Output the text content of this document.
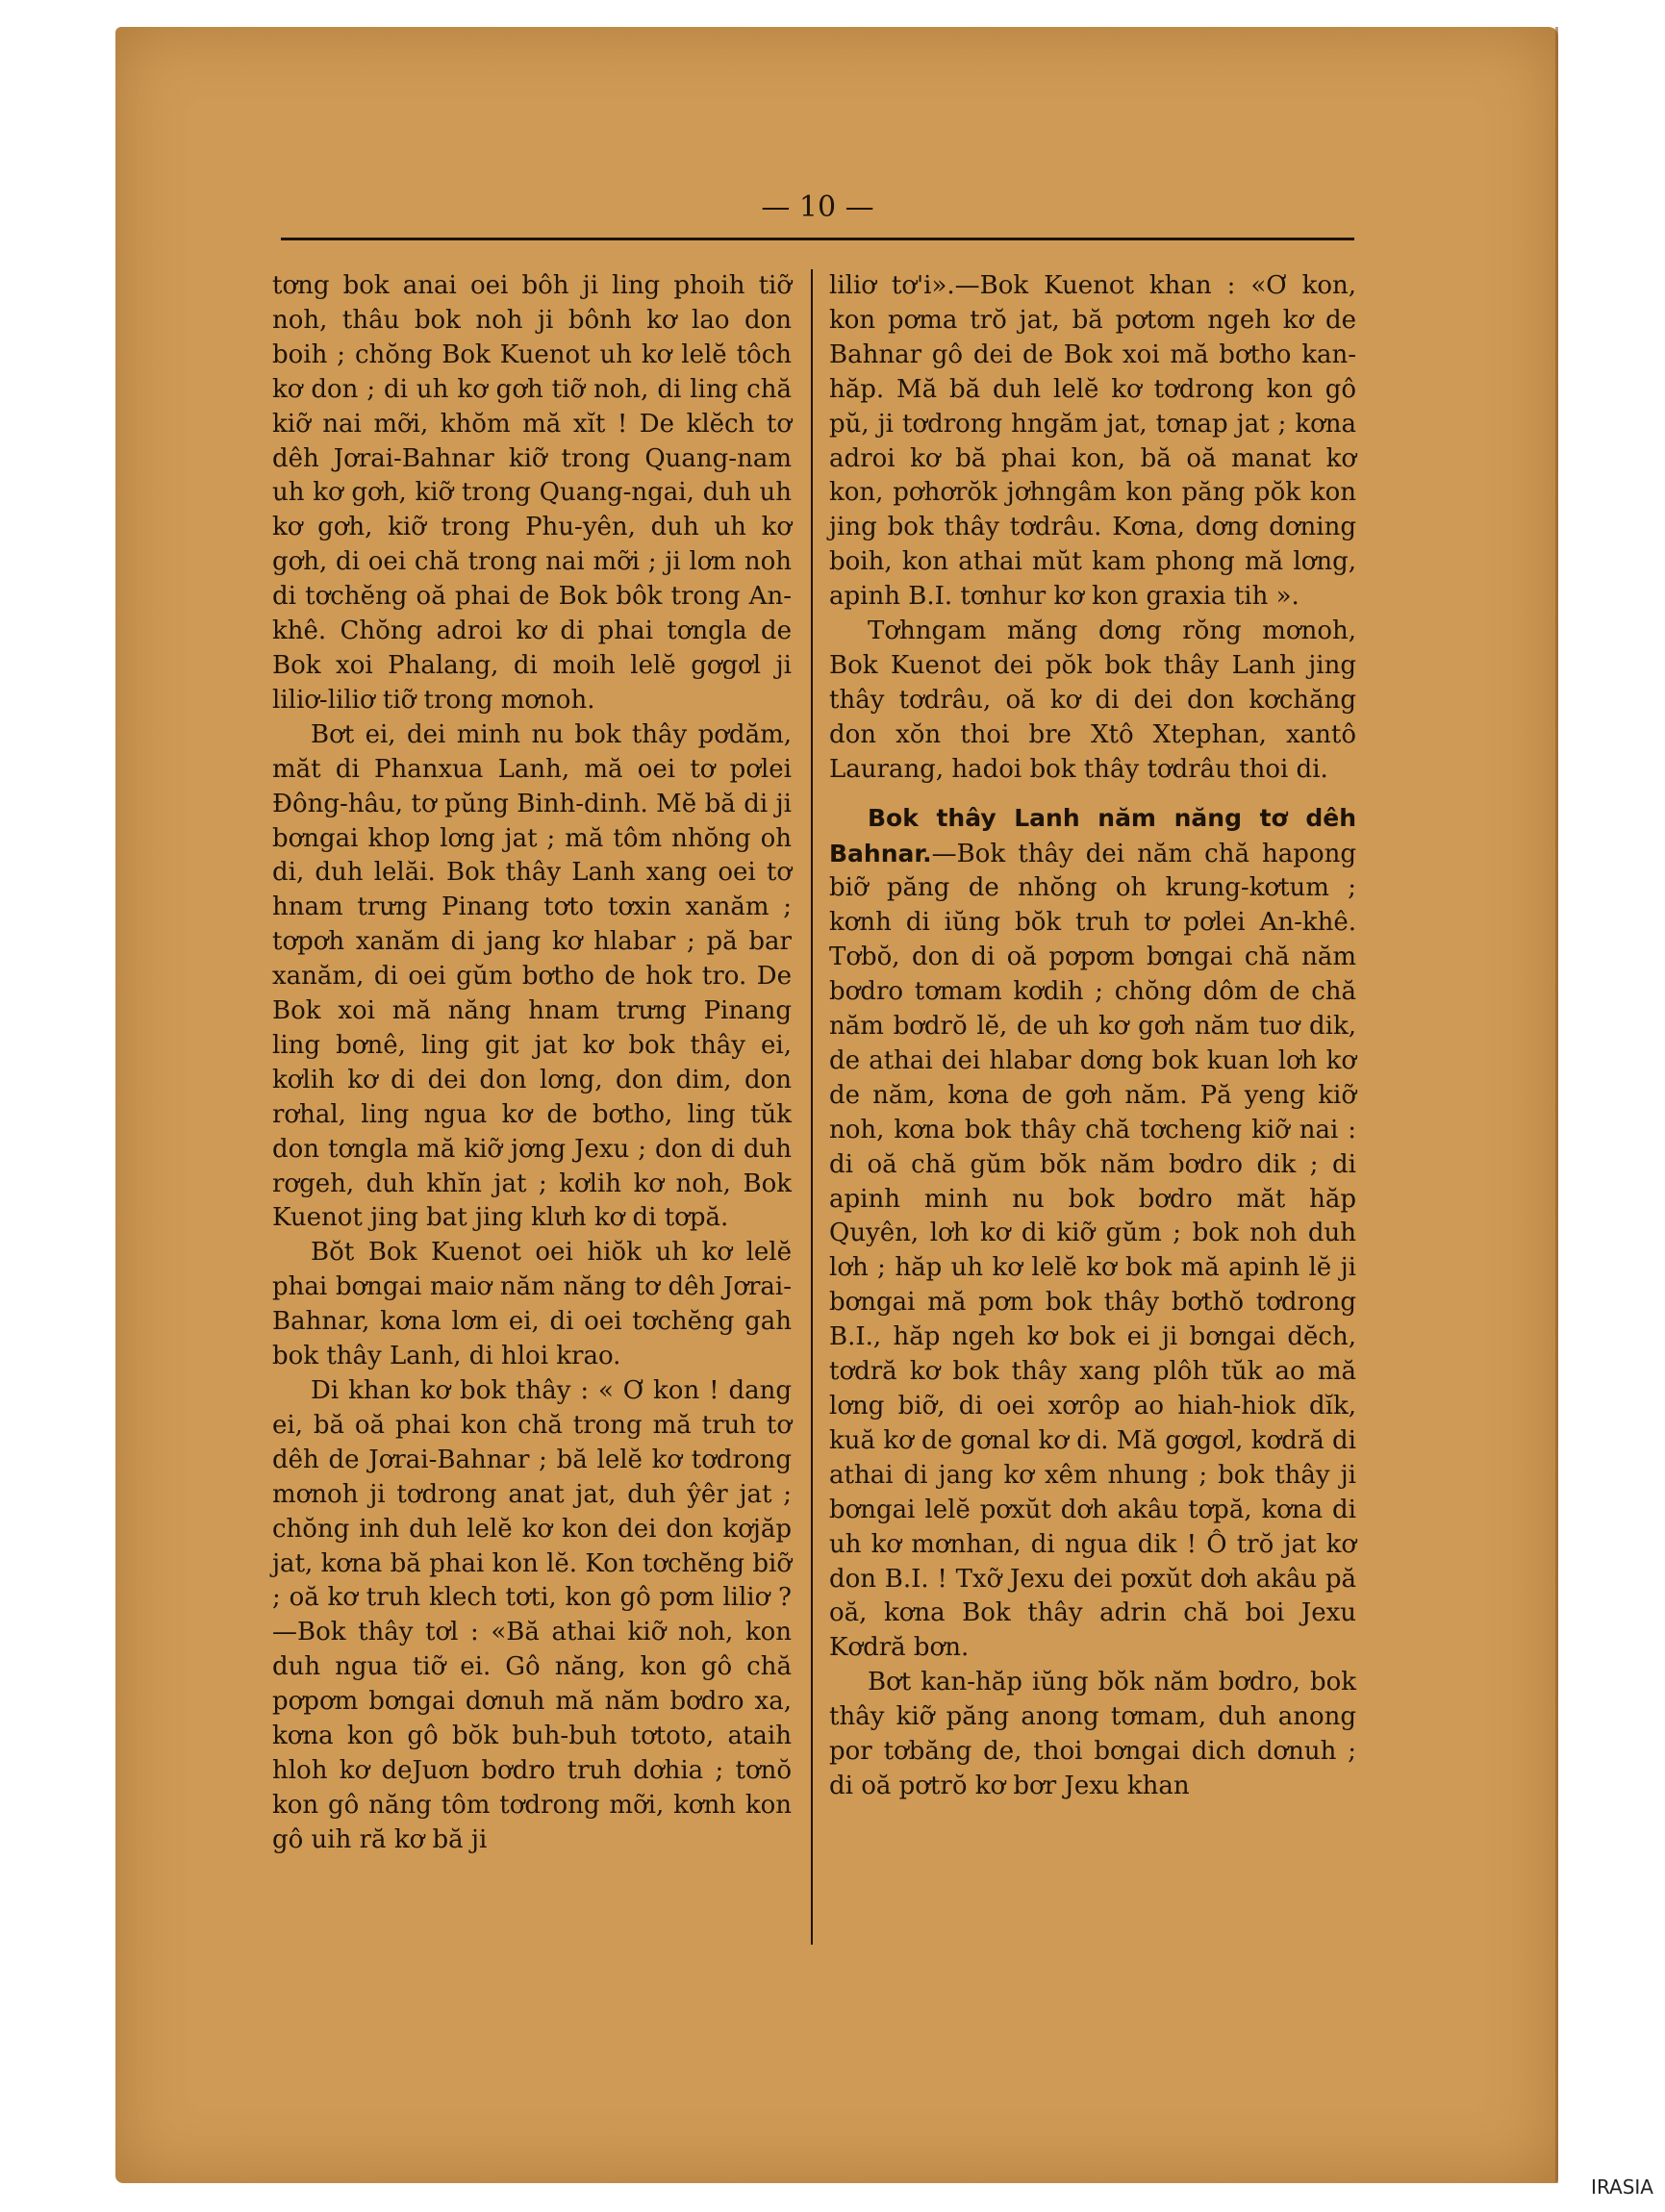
— 10 —

tơng bok anai oei bôh ji ling phoih tiỡ noh, thâu bok noh ji bônh kơ lao don boih ; chŏng Bok Kuenot uh kơ lelĕ tôch kơ don ; di uh kơ gơh tiỡ noh, di ling chă kiỡ nai mỡi, khŏm mă xĭt ! De klĕch tơ dêh Jơrai-Bahnar kiỡ trong Quang-nam uh kơ gơh, kiỡ trong Quang-ngai, duh uh kơ gơh, kiỡ trong Phu-yên, duh uh kơ gơh, di oei chă trong nai mỡi ; ji lơm noh di tơchĕng oă phai de Bok bôk trong An-khê. Chŏng adroi kơ di phai tơngla de Bok xoi Phalang, di moih lelĕ gơgơl ji liliơ-liliơ tiỡ trong mơnoh.

Bơt ei, dei minh nu bok thây pơdăm, măt di Phanxua Lanh, mă oei tơ pơlei Đông-hâu, tơ pŭng Binh-dinh. Mĕ bă di ji bơngai khop lơng jat ; mă tôm nhŏng oh di, duh lelăi. Bok thây Lanh xang oei tơ hnam trưng Pinang tơto tơxin xanăm ; tơpơh xanăm di jang kơ hlabar ; pă bar xanăm, di oei gŭm bơtho de hok tro. De Bok xoi mă năng hnam trưng Pinang ling bơnê, ling git jat kơ bok thây ei, kơlih kơ di dei don lơng, don dim, don rơhal, ling ngua kơ de bơtho, ling tŭk don tơngla mă kiỡ jơng Jexu ; don di duh rơgeh, duh khĭn jat ; kơlih kơ noh, Bok Kuenot jing bat jing klưh kơ di tơpă.

Bŏt Bok Kuenot oei hiŏk uh kơ lelĕ phai bơngai maiơ năm năng tơ dêh Jơrai-Bahnar, kơna lơm ei, di oei tơchĕng gah bok thây Lanh, di hloi krao.

Di khan kơ bok thây : « Ơ kon ! dang ei, bă oă phai kon chă trong mă truh tơ dêh de Jơrai-Bahnar ; bă lelĕ kơ tơdrong mơnoh ji tơdrong anat jat, duh ŷêr jat ; chŏng inh duh lelĕ kơ kon dei don kơjăp jat, kơna bă phai kon lĕ. Kon tơchĕng biỡ ; oă kơ truh klech tơti, kon gô pơm liliơ ?—Bok thây tơl : «Bă athai kiỡ noh, kon duh ngua tiỡ ei. Gô năng, kon gô chă pơpơm bơngai dơnuh mă năm bơdro xa, kơna kon gô bŏk buh-buh tơtoto, ataih hloh kơ deJuơn bơdro truh dơhia ; tơnŏ kon gô năng tôm tơdrong mỡi, kơnh kon gô uih ră kơ bă ji

liliơ tơ'i».—Bok Kuenot khan : «Ơ kon, kon pơma trŏ jat, bă pơtơm ngeh kơ de Bahnar gô dei de Bok xoi mă bơtho kan-hăp. Mă bă duh lelĕ kơ tơdrong kon gô pŭ, ji tơdrong hngăm jat, tơnap jat ; kơna adroi kơ bă phai kon, bă oă manat kơ kon, pơhơrŏk jơhngâm kon păng pŏk kon jing bok thây tơdrâu. Kơna, dơng dơning boih, kon athai mŭt kam phong mă lơng, apinh B.I. tơnhur kơ kon graxia tih ».

Tơhngam măng dơng rŏng mơnoh, Bok Kuenot dei pŏk bok thây Lanh jing thây tơdrâu, oă kơ di dei don kơchăng don xŏn thoi bre Xtô Xtephan, xantô Laurang, hadoi bok thây tơdrâu thoi di.

Bok thây Lanh năm năng tơ dêh Bahnar.—Bok thây dei năm chă hapong biỡ păng de nhŏng oh krung-kơtum ; kơnh di iŭng bŏk truh tơ pơlei An-khê. Tơbŏ, don di oă pơpơm bơngai chă năm bơdro tơmam kơdih ; chŏng dôm de chă năm bơdrŏ lĕ, de uh kơ gơh năm tuơ dik, de athai dei hlabar dơng bok kuan lơh kơ de năm, kơna de gơh năm. Pă yeng kiỡ noh, kơna bok thây chă tơcheng kiỡ nai : di oă chă gŭm bŏk năm bơdro dik ; di apinh minh nu bok bơdro măt hăp Quyên, lơh kơ di kiỡ gŭm ; bok noh duh lơh ; hăp uh kơ lelĕ kơ bok mă apinh lĕ ji bơngai mă pơm bok thây bơthŏ tơdrong B.I., hăp ngeh kơ bok ei ji bơngai dĕch, tơdră kơ bok thây xang plôh tŭk ao mă lơng biỡ, di oei xơrôp ao hiah-hiok dĭk, kuă kơ de gơnal kơ di. Mă gơgơl, kơdră di athai di jang kơ xêm nhung ; bok thây ji bơngai lelĕ pơxŭt dơh akâu tơpă, kơna di uh kơ mơnhan, di ngua dik ! Ô trŏ jat kơ don B.I. ! Txỡ Jexu dei pơxŭt dơh akâu pă oă, kơna Bok thây adrin chă boi Jexu Kơdră bơn.

Bơt kan-hăp iŭng bŏk năm bơdro, bok thây kiỡ păng anong tơmam, duh anong por tơbăng de, thoi bơngai dich dơnuh ; di oă pơtrŏ kơ bơr Jexu khan

IRASIA
